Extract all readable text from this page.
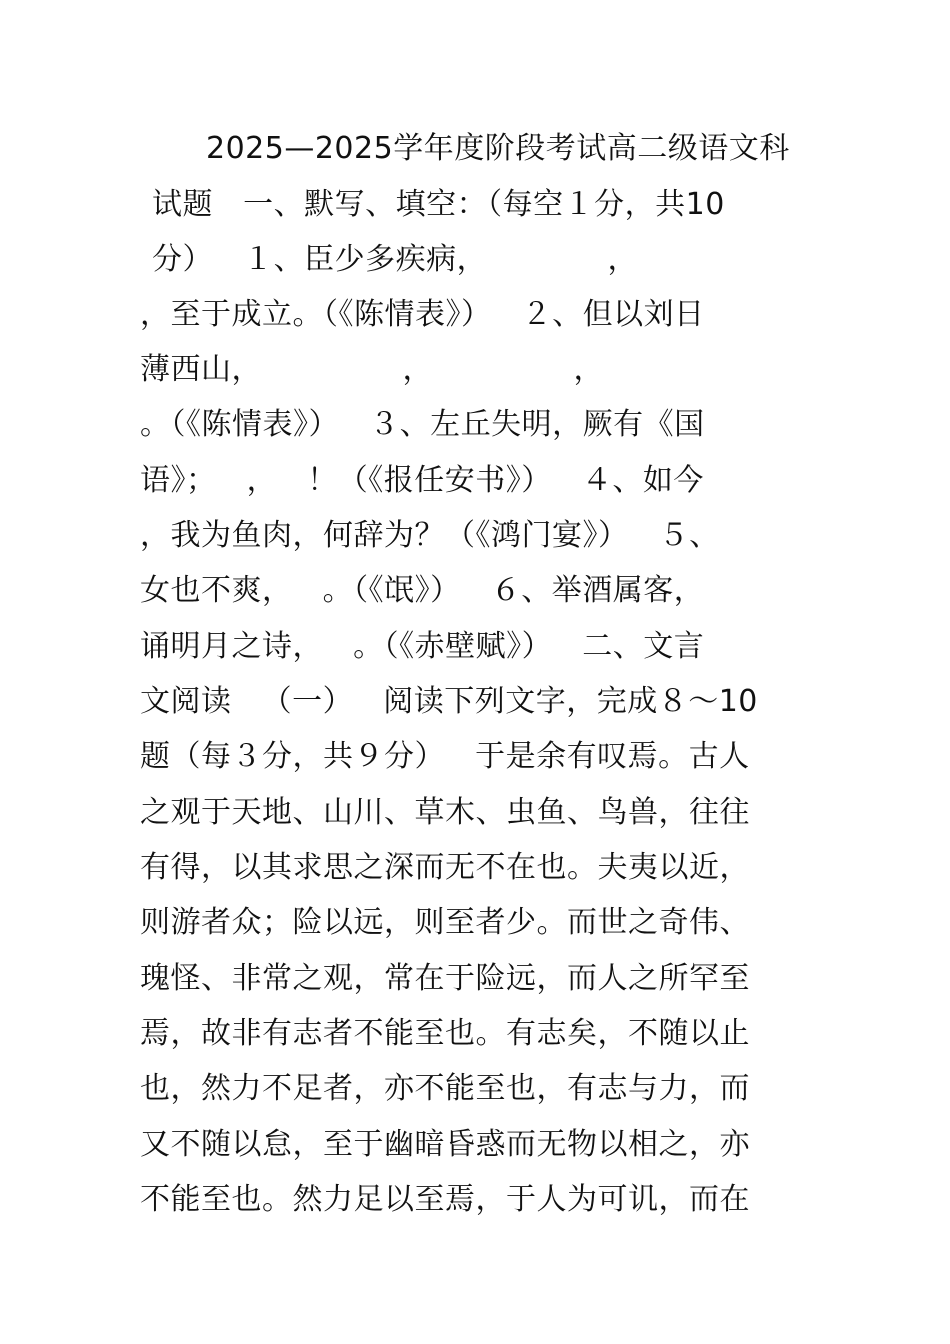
2025—2025学年度阶段考试高二级语文科
试题   一、默写、填空：（每空１分，共10
分）   １、臣少多疾病，            ，
，至于成立。（《陈情表》）   ２、但以刘日
薄西山，              ，              ，
。（《陈情表》）   ３、左丘失明，厥有《国
语》；   ，   ！（《报任安书》）   ４、如今
，我为鱼肉，何辞为？（《鸿门宴》）   ５、
女也不爽，   。（《氓》）   ６、举酒属客，
诵明月之诗，   。（《赤壁赋》）   二、文言
文阅读   （一）   阅读下列文字，完成８～10
题（每３分，共９分）   于是余有叹焉。古人
之观于天地、山川、草木、虫鱼、鸟兽，往往
有得，以其求思之深而无不在也。夫夷以近，
则游者众；险以远，则至者少。而世之奇伟、
瑰怪、非常之观，常在于险远，而人之所罕至
焉，故非有志者不能至也。有志矣，不随以止
也，然力不足者，亦不能至也，有志与力，而
又不随以怠，至于幽暗昏惑而无物以相之，亦
不能至也。然力足以至焉，于人为可讥，而在
